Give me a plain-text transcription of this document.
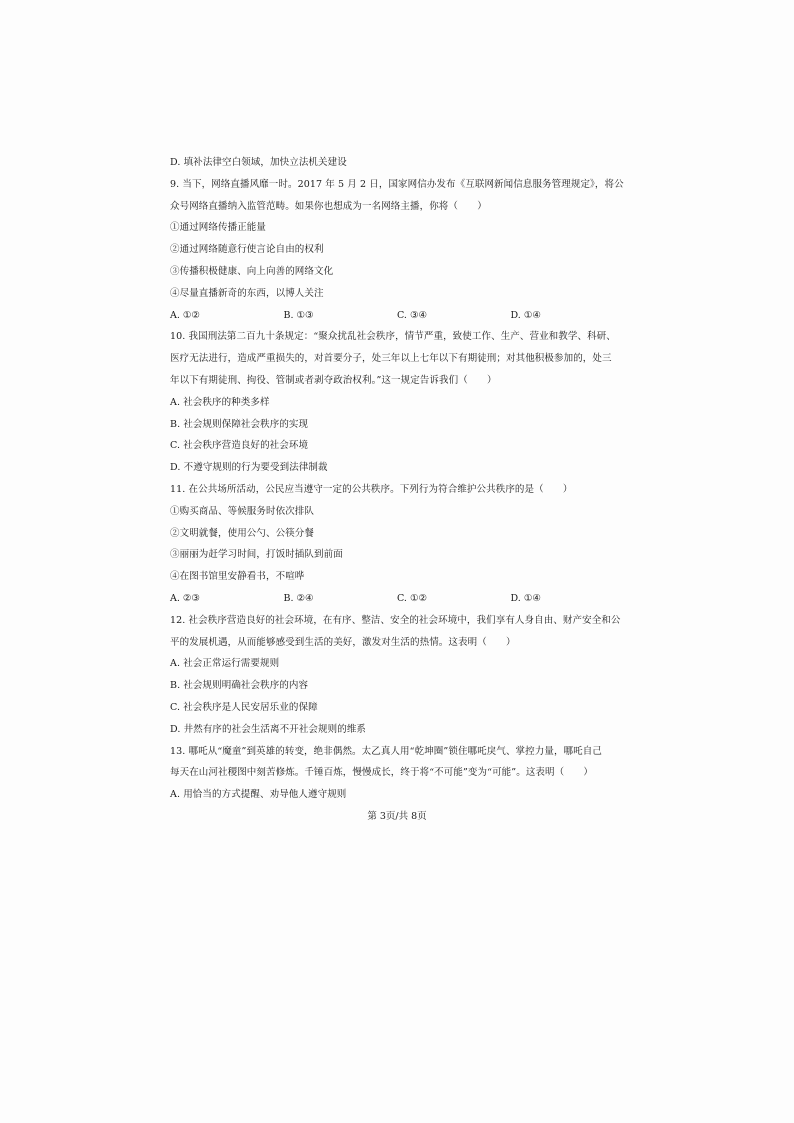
D. 填补法律空白领域，加快立法机关建设
9. 当下，网络直播风靡一时。2017 年 5 月 2 日，国家网信办发布《互联网新闻信息服务管理规定》，将公
众号网络直播纳入监管范畴。如果你也想成为一名网络主播，你将（　　）
①通过网络传播正能量
②通过网络随意行使言论自由的权利
③传播积极健康、向上向善的网络文化
④尽量直播新奇的东西，以博人关注
A. ①②	B. ①③	C. ③④	D. ①④
10. 我国刑法第二百九十条规定：“聚众扰乱社会秩序，情节严重，致使工作、生产、营业和教学、科研、
医疗无法进行，造成严重损失的，对首要分子，处三年以上七年以下有期徒刑；对其他积极参加的，处三
年以下有期徒刑、拘役、管制或者剥夺政治权利。”这一规定告诉我们（　　）
A. 社会秩序的种类多样
B. 社会规则保障社会秩序的实现
C. 社会秩序营造良好的社会环境
D. 不遵守规则的行为要受到法律制裁
11. 在公共场所活动，公民应当遵守一定的公共秩序。下列行为符合维护公共秩序的是（　　）
①购买商品、等候服务时依次排队
②文明就餐，使用公勺、公筷分餐
③丽丽为赶学习时间，打饭时插队到前面
④在图书馆里安静看书，不喧哗
A. ②③	B. ②④	C. ①②	D. ①④
12. 社会秩序营造良好的社会环境，在有序、整洁、安全的社会环境中，我们享有人身自由、财产安全和公
平的发展机遇，从而能够感受到生活的美好，激发对生活的热情。这表明（　　）
A. 社会正常运行需要规则
B. 社会规则明确社会秩序的内容
C. 社会秩序是人民安居乐业的保障
D. 井然有序的社会生活离不开社会规则的维系
13. 哪吒从“魔童”到英雄的转变，绝非偶然。太乙真人用“乾坤圈”锁住哪吒戾气、掌控力量，哪吒自己
每天在山河社稷图中刻苦修炼。千锤百炼，慢慢成长，终于将“不可能”变为“可能”。这表明（　　）
A. 用恰当的方式提醒、劝导他人遵守规则
第 3页/共 8页
